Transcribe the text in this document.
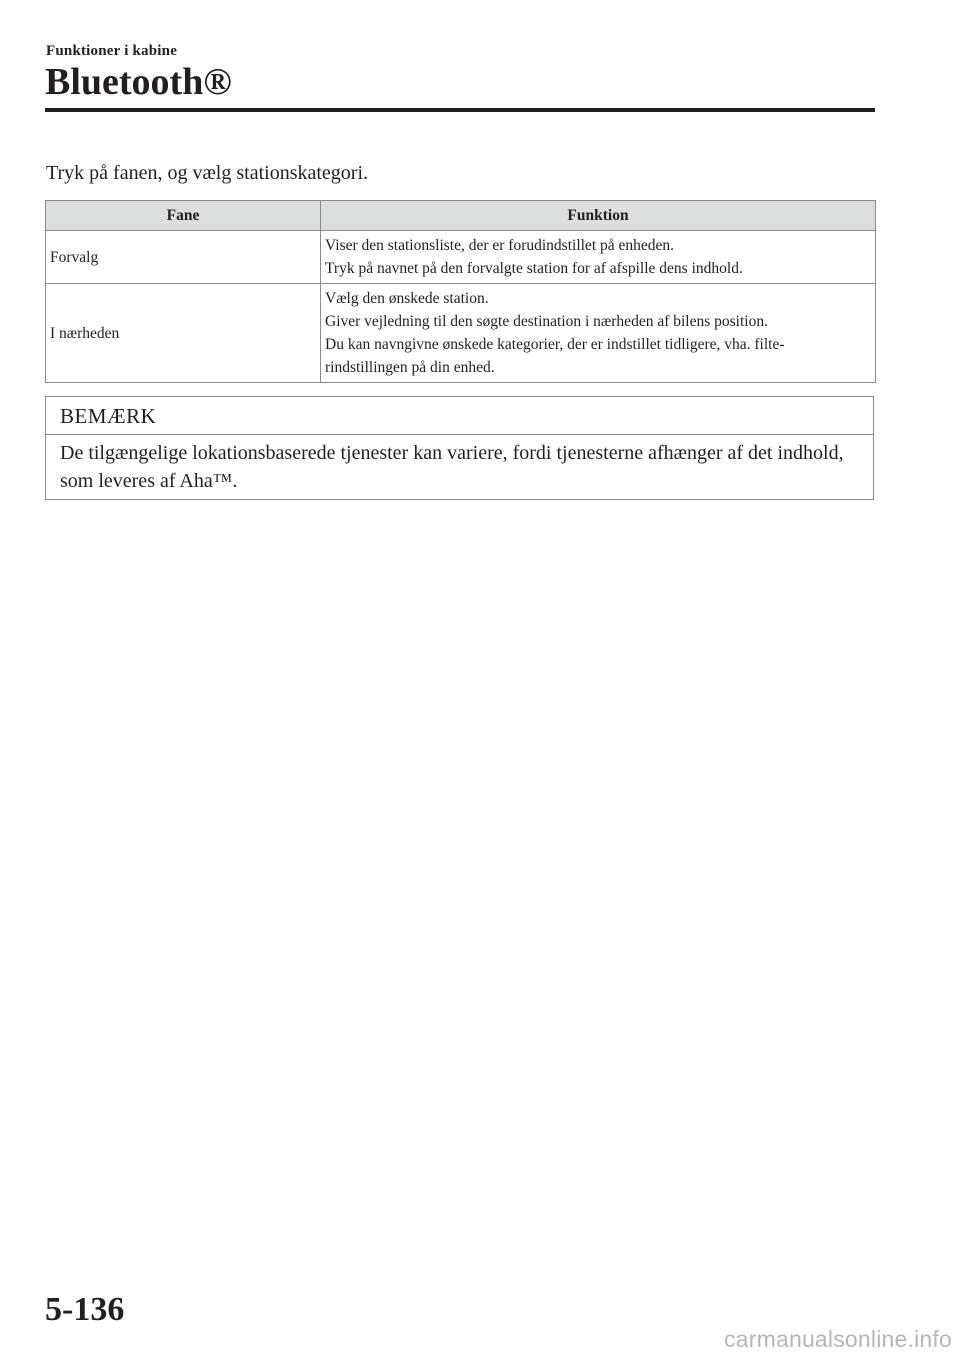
Funktioner i kabine
Bluetooth®
Tryk på fanen, og vælg stationskategori.
Fane	Funktion
Forvalg	Viser den stationsliste, der er forudindstillet på enheden.
Tryk på navnet på den forvalgte station for af afspille dens indhold.

I nærheden	Vælg den ønskede station.
Giver vejledning til den søgte destination i nærheden af bilens position.
Du kan navngivne ønskede kategorier, der er indstillet tidligere, vha. filte-
rindstillingen på din enhed.
BEMÆRK
De tilgængelige lokationsbaserede tjenester kan variere, fordi tjenesterne afhænger af det indhold, som leveres af Aha™.
5-136
carmanualsonline.info
